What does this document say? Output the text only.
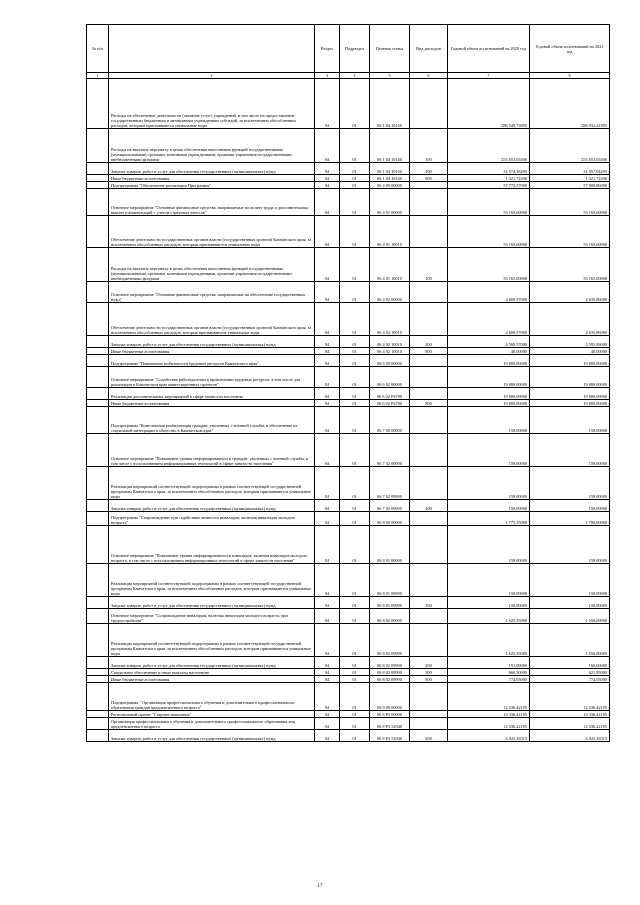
№ п/п		Раздел	Подраздел	Целевая статья	Вид расходов	Годовой объем ассигнований на 2020 год	Годовой объем ассигнований на 2021 год
1	2	3	4	5	6	7	8
	Расходы на обеспечение деятельности (оказание услуг) учреждений, в том числе на предоставление государственным бюджетным и автономным учреждениям субсидий, за исключением обособленных расходов, которым присваиваются уникальные коды	04	01	06 1 04 10140		286 549,73895	286 932,41895
	Расходы на выплаты персоналу в целях обеспечения выполнения функций государственными (муниципальными) органами, казенными учреждениями, органами управления государственными внебюджетными фондами	04	01	06 1 04 10140	100	253 653,65400	253 653,65400
	Закупка товаров, работ и услуг для обеспечения государственных (муниципальных) нужд	04	01	06 1 04 10140	200	31 574,36295	31 957,04295
	Иные бюджетные ассигнования	04	01	06 1 04 10140	800	1 321,72200	1 321,72200
	Подпрограмма "Обеспечение реализации Программы"	04	01	06 4 00 00000		57 773,57000	57 800,86000
	Основное мероприятие "Основные финансовые средства, направляемые на оплату труда и дополнительных выплат и компенсаций с учетом страховых взносов"	04	01	06 4 01 00000		53 165,00000	53 165,00000
	Обеспечение деятельности государственных органов власти (государственных органов) Камчатского края, за исключением обособленных расходов, которым присваиваются уникальные коды	04	01	06 4 01 10010		53 165,00000	53 165,00000
	Расходы на выплаты персоналу в целях обеспечения выполнения функций государственными (муниципальными) органами, казенными учреждениями, органами управления государственными внебюджетными фондами	04	01	06 4 01 10010	100	53 165,00000	53 165,00000
	Основное мероприятие "Основные финансовые средства, направляемые на обеспечение государственных нужд"	04	01	06 4 02 00000		4 608,57000	4 635,86000
	Обеспечение деятельности государственных органов власти (государственных органов) Камчатского края, за исключением обособленных расходов, которые присваиваются уникальные коды	04	01	06 4 02 10010		4 608,57000	4 635,86000
	Закупка товаров, работ и услуг для обеспечения государственных (муниципальных) нужд	04	01	06 4 02 10010	200	4 568,57000	4 595,86000
	Иные бюджетные ассигнования	04	01	06 4 02 10010	800	40,00000	40,00000
	Подпрограмма "Повышение мобильности трудовых ресурсов Камчатского края"	04	01	06 6 00 00000		19 800,00000	19 800,00000
	Основное мероприятие "Содействие работодателям в привлечении трудовых ресурсов, в том числе для реализации в Камчатском крае инвестиционных проектов"	04	01	06 6 02 00000		19 800,00000	19 800,00000
	Реализация дополнительных мероприятий в сфере занятости населения	04	01	06 6 02 Р4780		19 800,00000	19 800,00000
	Иные бюджетные ассигнования	04	01	06 6 02 Р4780	800	19 800,00000	19 800,00000
	Подпрограмма "Комплексная реабилитация граждан, уволенных с военной службы, в обеспечение их социальной интеграции в общество в Камчатском крае"	04	01	06 7 00 00000		150,00000	150,00000
	Основное мероприятие "Повышение уровня информированности граждан, уволенных с военной службы, в том числе с использованием информационных технологий в сфере занятости населения"	04	01	06 7 02 00000		150,00000	150,00000
	Реализация мероприятий соответствующей подпрограммы в рамках соответствующей государственной программы Камчатского края, за исключением обособленных расходов, которым присваиваются уникальные коды	04	01	06 7 02 09990		150,00000	150,00000
	Закупка товаров, работ и услуг для обеспечения государственных (муниципальных) нужд	04	01	06 7 02 09990	200	150,00000	150,00000
	Подпрограмма "Сопровождение при содействии занятости инвалидов, включая инвалидов молодого возраста"	04	01	06 8 00 00000		1 775,55000	1 706,00000
	Основное мероприятие "Повышение уровня информированности инвалидов, включая инвалидов молодого возраста, в том числе с использованием информационных технологий в сфере занятости населения"	04	01	06 8 01 00000		150,00000	150,00000
	Реализация мероприятий соответствующей подпрограммы в рамках соответствующей государственной программы Камчатского края, за исключением обособленных расходов, которым присваиваются уникальные коды	04	01	06 8 01 09990		150,00000	150,00000
	Закупка товаров, работ и услуг для обеспечения государственных (муниципальных) нужд	04	01	06 8 01 09990	200	150,00000	150,00000
	Основное мероприятие "Сопровождение инвалидов, включая инвалидов молодого возраста, при трудоустройстве"	04	01	06 8 02 00000		1 625,55000	1 556,00000
	Реализация мероприятий соответствующей подпрограммы в рамках соответствующей государственной программы Камчатского края, за исключением обособленных расходов, которым присваиваются уникальные коды	04	01	06 8 02 09990		1 625,55000	1 556,00000
	Закупка товаров, работ и услуг для обеспечения государственных (муниципальных) нужд	04	01	06 8 02 09990	200	191,00000	160,00000
	Социальное обеспечение и иные выплаты населению	04	01	06 8 02 09990	300	660,50000	621,95000
	Иные бюджетные ассигнования	04	01	06 8 02 09990	800	774,05000	774,05000
	Подпрограмма " Организация профессионального обучения и дополнительного профессионального образования граждан предпенсионного возраста"	04	01	06 9 00 00000		12 336,42105	12 336,42105
	Региональный проект "Старшее поколение"	04	01	06 9 Р3 00000		12 336,42105	12 336,42105
	Организация профессионального обучения и дополнительного профессионального образования лиц предпенсионного возраста	04	01	06 9 Р3 52940		12 336,42105	12 336,42105
	Закупка товаров, работ и услуг для обеспечения государственных (муниципальных) нужд	04	01	06 9 Р3 52940	200	4 825,26315	4 825,26315
17
